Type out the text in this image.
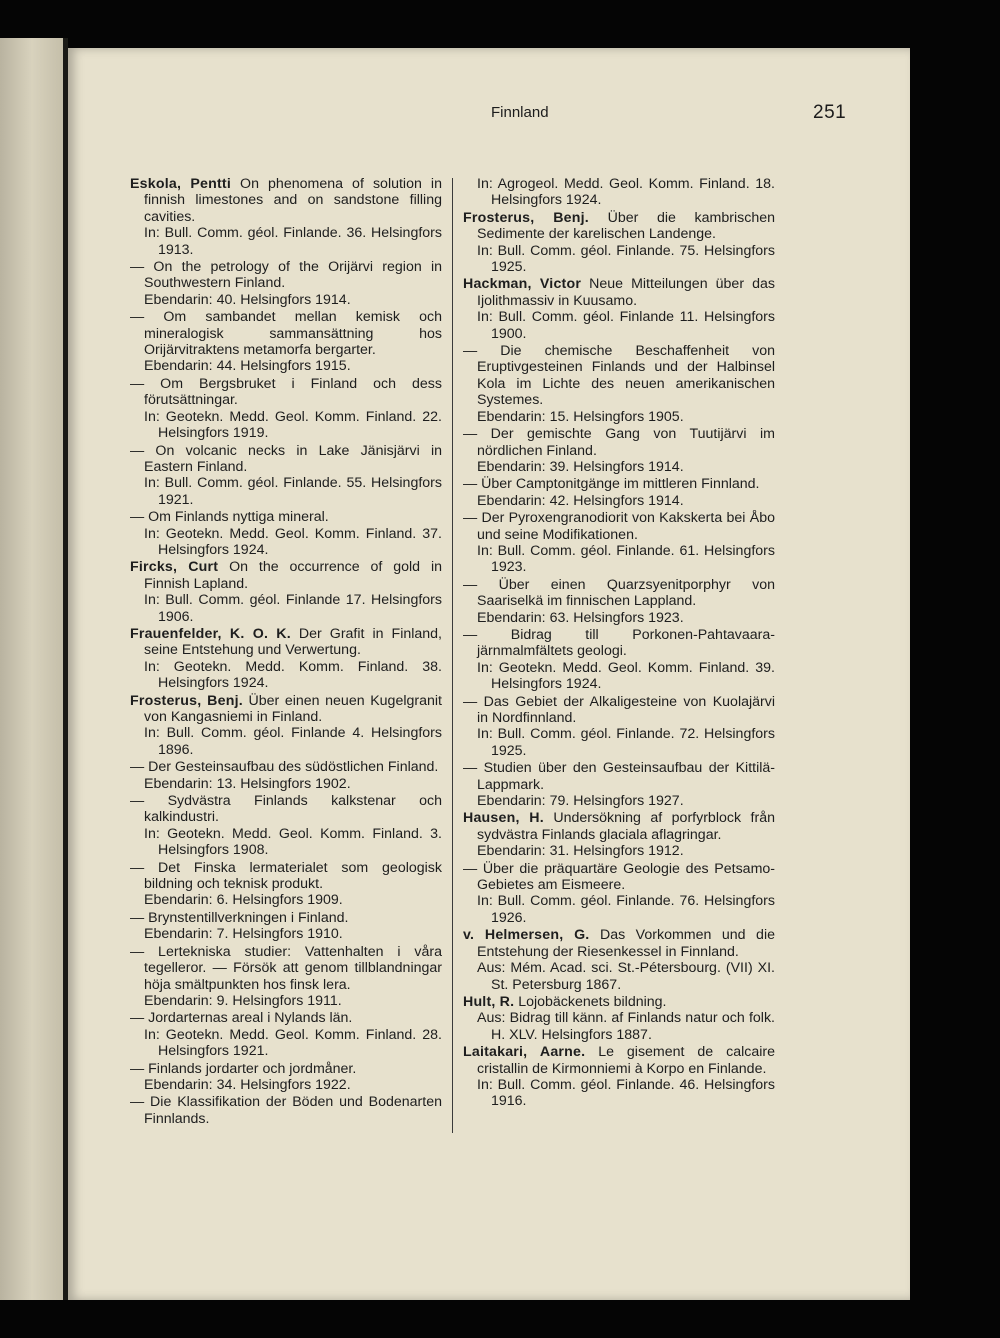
Finnland	251

Eskola, Pentti On phenomena of solution in finnish limestones and on sandstone filling cavities.
In: Bull. Comm. géol. Finlande. 36. Helsingfors 1913.

— On the petrology of the Orijärvi region in Southwestern Finland.
Ebendarin: 40. Helsingfors 1914.

— Om sambandet mellan kemisk och mineralogisk sammansättning hos Orijärvitraktens metamorfa bergarter.
Ebendarin: 44. Helsingfors 1915.

— Om Bergsbruket i Finland och dess förutsättningar.
In: Geotekn. Medd. Geol. Komm. Finland. 22. Helsingfors 1919.

— On volcanic necks in Lake Jänisjärvi in Eastern Finland.
In: Bull. Comm. géol. Finlande. 55. Helsingfors 1921.

— Om Finlands nyttiga mineral.
In: Geotekn. Medd. Geol. Komm. Finland. 37. Helsingfors 1924.

Fircks, Curt On the occurrence of gold in Finnish Lapland.
In: Bull. Comm. géol. Finlande 17. Helsingfors 1906.

Frauenfelder, K. O. K. Der Grafit in Finland, seine Entstehung und Verwertung.
In: Geotekn. Medd. Komm. Finland. 38. Helsingfors 1924.

Frosterus, Benj. Über einen neuen Kugelgranit von Kangasniemi in Finland.
In: Bull. Comm. géol. Finlande 4. Helsingfors 1896.

— Der Gesteinsaufbau des südöstlichen Finland.
Ebendarin: 13. Helsingfors 1902.

— Sydvästra Finlands kalkstenar och kalkindustri.
In: Geotekn. Medd. Geol. Komm. Finland. 3. Helsingfors 1908.

— Det Finska lermaterialet som geologisk bildning och teknisk produkt.
Ebendarin: 6. Helsingfors 1909.

— Brynstentillverkningen i Finland.
Ebendarin: 7. Helsingfors 1910.

— Lertekniska studier: Vattenhalten i våra tegelleror. — Försök att genom tillblandningar höja smältpunkten hos finsk lera.
Ebendarin: 9. Helsingfors 1911.

— Jordarternas areal i Nylands län.
In: Geotekn. Medd. Geol. Komm. Finland. 28. Helsingfors 1921.

— Finlands jordarter och jordmåner.
Ebendarin: 34. Helsingfors 1922.

— Die Klassifikation der Böden und Bodenarten Finnlands.

In: Agrogeol. Medd. Geol. Komm. Finland. 18. Helsingfors 1924.

Frosterus, Benj. Über die kambrischen Sedimente der karelischen Landenge.
In: Bull. Comm. géol. Finlande. 75. Helsingfors 1925.

Hackman, Victor Neue Mitteilungen über das Ijolithmassiv in Kuusamo.
In: Bull. Comm. géol. Finlande 11. Helsingfors 1900.

— Die chemische Beschaffenheit von Eruptivgesteinen Finlands und der Halbinsel Kola im Lichte des neuen amerikanischen Systemes.
Ebendarin: 15. Helsingfors 1905.

— Der gemischte Gang von Tuutijärvi im nördlichen Finland.
Ebendarin: 39. Helsingfors 1914.

— Über Camptonitgänge im mittleren Finnland.
Ebendarin: 42. Helsingfors 1914.

— Der Pyroxengranodiorit von Kakskerta bei Åbo und seine Modifikationen.
In: Bull. Comm. géol. Finlande. 61. Helsingfors 1923.

— Über einen Quarzsyenitporphyr von Saariselkä im finnischen Lappland.
Ebendarin: 63. Helsingfors 1923.

— Bidrag till Porkonen-Pahtavaara-järnmalmfältets geologi.
In: Geotekn. Medd. Geol. Komm. Finland. 39. Helsingfors 1924.

— Das Gebiet der Alkaligesteine von Kuolajärvi in Nordfinnland.
In: Bull. Comm. géol. Finlande. 72. Helsingfors 1925.

— Studien über den Gesteinsaufbau der Kittilä-Lappmark.
Ebendarin: 79. Helsingfors 1927.

Hausen, H. Undersökning af porfyrblock från sydvästra Finlands glaciala aflagringar.
Ebendarin: 31. Helsingfors 1912.

— Über die präquartäre Geologie des Petsamo-Gebietes am Eismeere.
In: Bull. Comm. géol. Finlande. 76. Helsingfors 1926.

v. Helmersen, G. Das Vorkommen und die Entstehung der Riesenkessel in Finnland.
Aus: Mém. Acad. sci. St.-Pétersbourg. (VII) XI. St. Petersburg 1867.

Hult, R. Lojobäckenets bildning.
Aus: Bidrag till känn. af Finlands natur och folk. H. XLV. Helsingfors 1887.

Laitakari, Aarne. Le gisement de calcaire cristallin de Kirmonniemi à Korpo en Finlande.
In: Bull. Comm. géol. Finlande. 46. Helsingfors 1916.
